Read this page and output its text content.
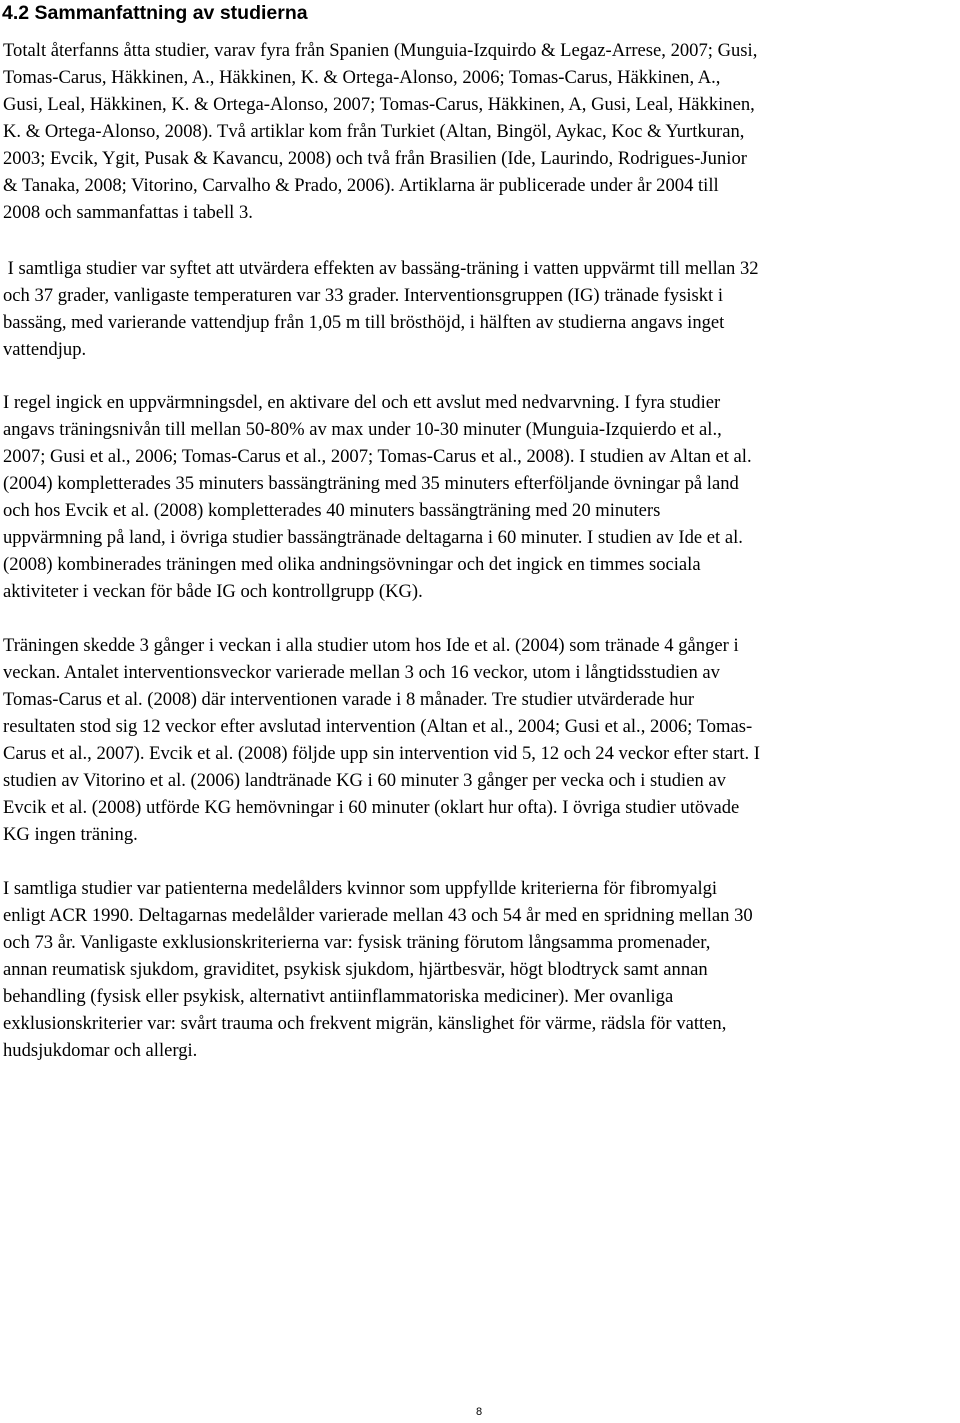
4.2 Sammanfattning av studierna
Totalt återfanns åtta studier, varav fyra från Spanien (Munguia-Izquirdo & Legaz-Arrese, 2007; Gusi,
Tomas-Carus, Häkkinen, A., Häkkinen, K. & Ortega-Alonso, 2006; Tomas-Carus, Häkkinen, A.,
Gusi, Leal, Häkkinen, K. & Ortega-Alonso, 2007; Tomas-Carus, Häkkinen, A, Gusi, Leal, Häkkinen,
K. & Ortega-Alonso, 2008). Två artiklar kom från Turkiet (Altan, Bingöl, Aykac, Koc & Yurtkuran,
2003; Evcik, Ygit, Pusak & Kavancu, 2008) och två från Brasilien (Ide, Laurindo, Rodrigues-Junior
& Tanaka, 2008; Vitorino, Carvalho & Prado, 2006). Artiklarna är publicerade under år 2004 till
2008 och sammanfattas i tabell 3.
I samtliga studier var syftet att utvärdera effekten av bassäng-träning i vatten uppvärmt till mellan 32
och 37 grader, vanligaste temperaturen var 33 grader. Interventionsgruppen (IG) tränade fysiskt i
bassäng, med varierande vattendjup från 1,05 m till brösthöjd, i hälften av studierna angavs inget
vattendjup.
I regel ingick en uppvärmningsdel, en aktivare del och ett avslut med nedvarvning. I fyra studier
angavs träningsnivån till mellan 50-80% av max under 10-30 minuter (Munguia-Izquierdo et al.,
2007; Gusi et al., 2006; Tomas-Carus et al., 2007; Tomas-Carus et al., 2008). I studien av Altan et al.
(2004) kompletterades 35 minuters bassängträning med 35 minuters efterföljande övningar på land
och hos Evcik et al. (2008) kompletterades 40 minuters bassängträning med 20 minuters
uppvärmning på land, i övriga studier bassängtränade deltagarna i 60 minuter. I studien av Ide et al.
(2008) kombinerades träningen med olika andningsövningar och det ingick en timmes sociala
aktiviteter i veckan för både IG och kontrollgrupp (KG).
Träningen skedde 3 gånger i veckan i alla studier utom hos Ide et al. (2004) som tränade 4 gånger i
veckan. Antalet interventionsveckor varierade mellan 3 och 16 veckor, utom i långtidsstudien av
Tomas-Carus et al. (2008) där interventionen varade i 8 månader. Tre studier utvärderade hur
resultaten stod sig 12 veckor efter avslutad intervention (Altan et al., 2004; Gusi et al., 2006; Tomas-
Carus et al., 2007). Evcik et al. (2008) följde upp sin intervention vid 5, 12 och 24 veckor efter start. I
studien av Vitorino et al. (2006) landtränade KG i 60 minuter 3 gånger per vecka och i studien av
Evcik et al. (2008) utförde KG hemövningar i 60 minuter (oklart hur ofta). I övriga studier utövade
KG ingen träning.
I samtliga studier var patienterna medelålders kvinnor som uppfyllde kriterierna för fibromyalgi
enligt ACR 1990. Deltagarnas medelålder varierade mellan 43 och 54 år med en spridning mellan 30
och 73 år. Vanligaste exklusionskriterierna var: fysisk träning förutom långsamma promenader,
annan reumatisk sjukdom, graviditet, psykisk sjukdom, hjärtbesvär, högt blodtryck samt annan
behandling (fysisk eller psykisk, alternativt antiinflammatoriska mediciner). Mer ovanliga
exklusionskriterier var: svårt trauma och frekvent migrän, känslighet för värme, rädsla för vatten,
hudsjukdomar och allergi.
8
